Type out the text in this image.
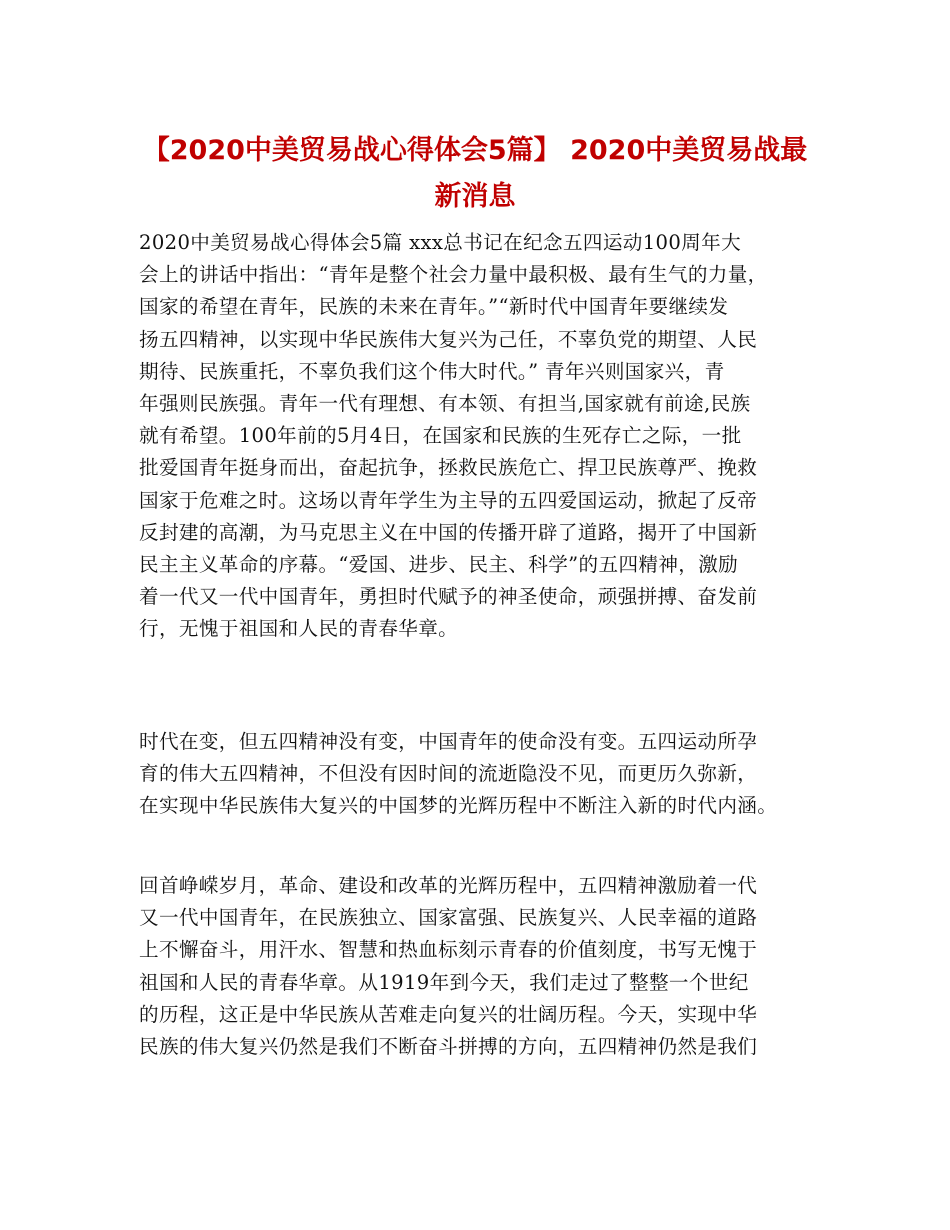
【2020中美贸易战心得体会5篇】 2020中美贸易战最
新消息
2020中美贸易战心得体会5篇 xxx总书记在纪念五四运动100周年大
会上的讲话中指出：“青年是整个社会力量中最积极、最有生气的力量，
国家的希望在青年，民族的未来在青年。”“新时代中国青年要继续发
扬五四精神，以实现中华民族伟大复兴为己任，不辜负党的期望、人民
期待、民族重托，不辜负我们这个伟大时代。” 青年兴则国家兴，青
年强则民族强。青年一代有理想、有本领、有担当,国家就有前途,民族
就有希望。100年前的5月4日，在国家和民族的生死存亡之际，一批
批爱国青年挺身而出，奋起抗争，拯救民族危亡、捍卫民族尊严、挽救
国家于危难之时。这场以青年学生为主导的五四爱国运动，掀起了反帝
反封建的高潮，为马克思主义在中国的传播开辟了道路，揭开了中国新
民主主义革命的序幕。“爱国、进步、民主、科学”的五四精神，激励
着一代又一代中国青年，勇担时代赋予的神圣使命，顽强拼搏、奋发前
行，无愧于祖国和人民的青春华章。
时代在变，但五四精神没有变，中国青年的使命没有变。五四运动所孕
育的伟大五四精神，不但没有因时间的流逝隐没不见，而更历久弥新，
在实现中华民族伟大复兴的中国梦的光辉历程中不断注入新的时代内涵。
回首峥嵘岁月，革命、建设和改革的光辉历程中，五四精神激励着一代
又一代中国青年，在民族独立、国家富强、民族复兴、人民幸福的道路
上不懈奋斗，用汗水、智慧和热血标刻示青春的价值刻度，书写无愧于
祖国和人民的青春华章。从1919年到今天，我们走过了整整一个世纪
的历程，这正是中华民族从苦难走向复兴的壮阔历程。今天，实现中华
民族的伟大复兴仍然是我们不断奋斗拼搏的方向，五四精神仍然是我们
